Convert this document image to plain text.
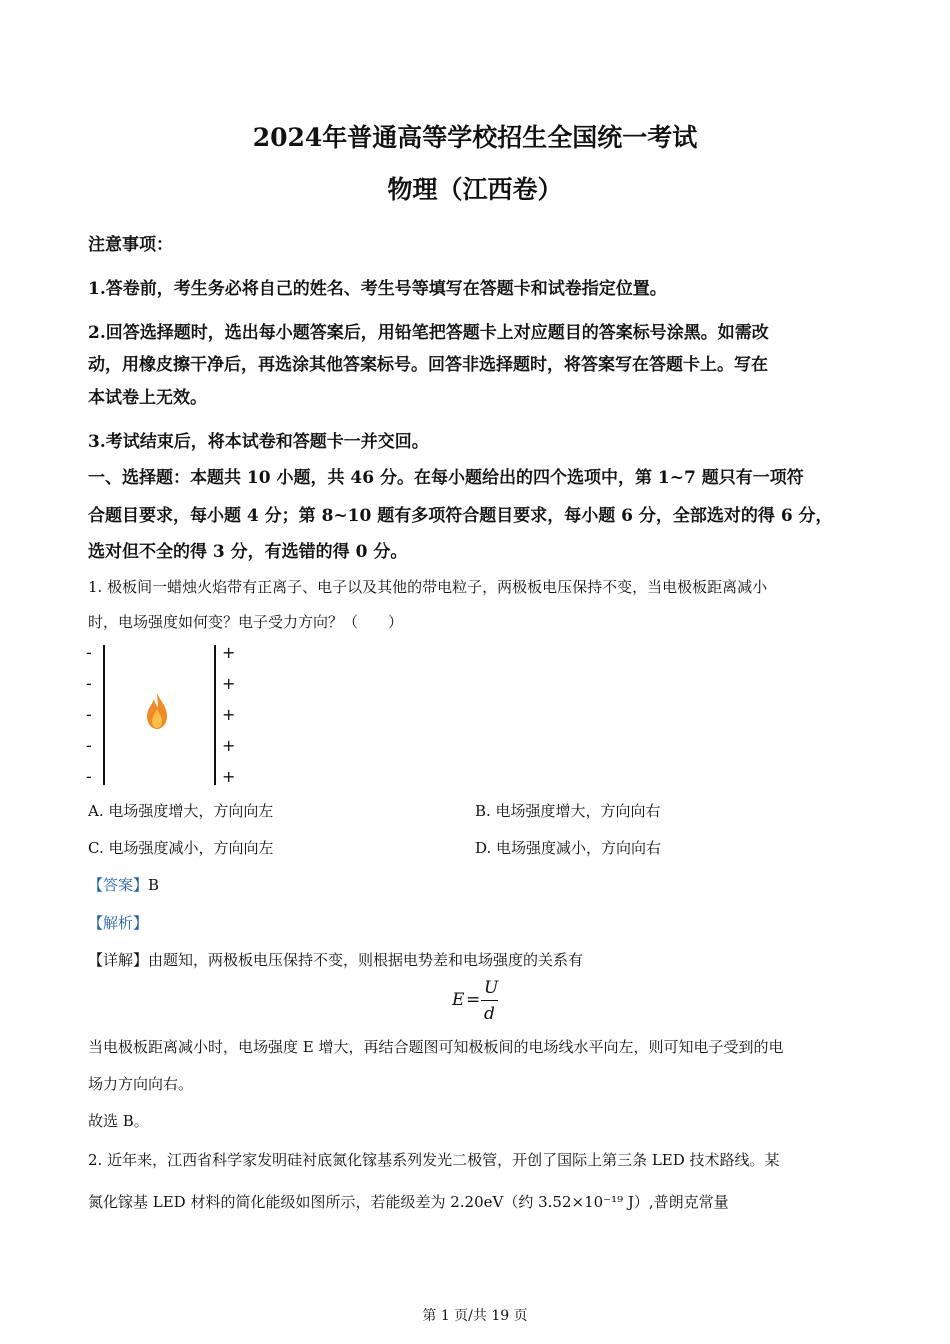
2024年普通高等学校招生全国统一考试
物理（江西卷）
注意事项：
1.答卷前，考生务必将自己的姓名、考生号等填写在答题卡和试卷指定位置。
2.回答选择题时，选出每小题答案后，用铅笔把答题卡上对应题目的答案标号涂黑。如需改
动，用橡皮擦干净后，再选涂其他答案标号。回答非选择题时，将答案写在答题卡上。写在
本试卷上无效。
3.考试结束后，将本试卷和答题卡一并交回。
一、选择题：本题共 10 小题，共 46 分。在每小题给出的四个选项中，第 1~7 题只有一项符
合题目要求，每小题 4 分；第 8~10 题有多项符合题目要求，每小题 6 分，全部选对的得 6 分，
选对但不全的得 3 分，有选错的得 0 分。
1. 极板间一蜡烛火焰带有正离子、电子以及其他的带电粒子，两极板电压保持不变，当电极板距离减小
时，电场强度如何变？电子受力方向？（　　）
-
-
-
-
-
+
+
+
+
+
A. 电场强度增大，方向向左	B. 电场强度增大，方向向右
C. 电场强度减小，方向向左	D. 电场强度减小，方向向右
【答案】B
【解析】
【详解】由题知，两极板电压保持不变，则根据电势差和电场强度的关系有
E =
U
d
当电极板距离减小时，电场强度 E 增大，再结合题图可知极板间的电场线水平向左，则可知电子受到的电
场力方向向右。
故选 B。
2. 近年来，江西省科学家发明硅衬底氮化镓基系列发光二极管，开创了国际上第三条 LED 技术路线。某
氮化镓基 LED 材料的简化能级如图所示，若能级差为 2.20eV（约 3.52×10⁻¹⁹ J）,普朗克常量
第 1 页/共 19 页
